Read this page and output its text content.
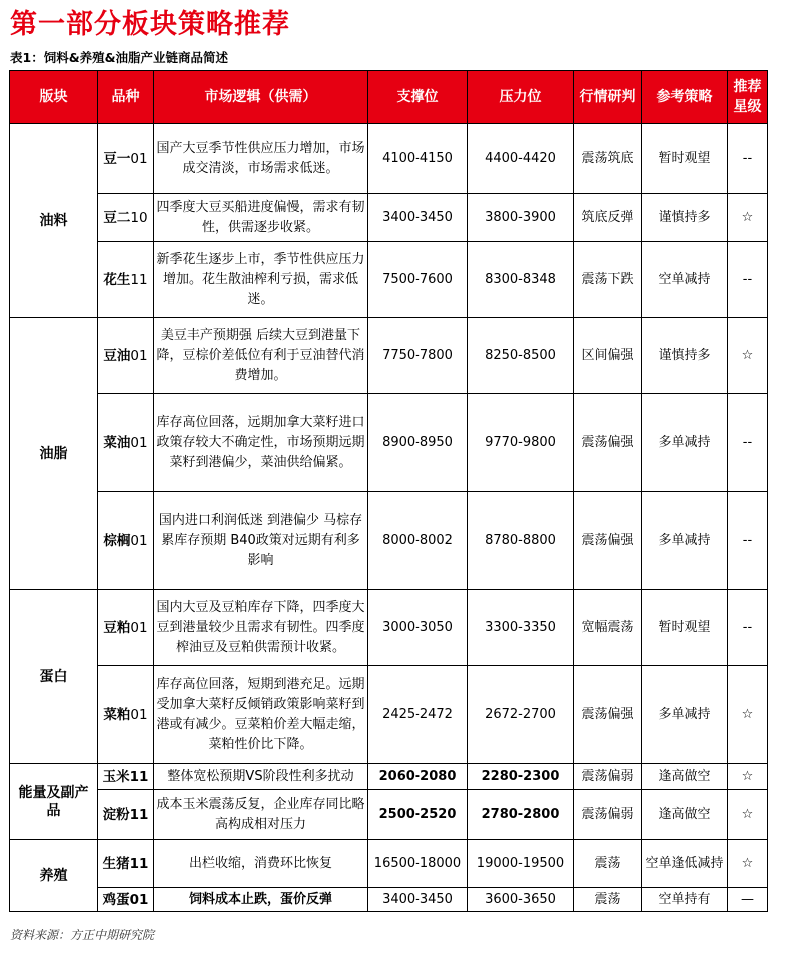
第一部分板块策略推荐
表1：饲料&养殖&油脂产业链商品简述
版块	品种	市场逻辑（供需）	支撑位	压力位	行情研判	参考策略	推荐星级
油料	豆一01	国产大豆季节性供应压力增加，市场成交清淡，市场需求低迷。	4100-4150	4400-4420	震荡筑底	暂时观望	--
	豆二10	四季度大豆买船进度偏慢，需求有韧性，供需逐步收紧。	3400-3450	3800-3900	筑底反弹	谨慎持多	☆
	花生11	新季花生逐步上市，季节性供应压力增加。花生散油榨利亏损，需求低迷。	7500-7600	8300-8348	震荡下跌	空单减持	--
油脂	豆油01	美豆丰产预期强 后续大豆到港量下降，豆棕价差低位有利于豆油替代消费增加。	7750-7800	8250-8500	区间偏强	谨慎持多	☆
	菜油01	库存高位回落，远期加拿大菜籽进口政策存较大不确定性，市场预期远期菜籽到港偏少，菜油供给偏紧。	8900-8950	9770-9800	震荡偏强	多单减持	--
	棕榈01	国内进口利润低迷 到港偏少 马棕存累库存预期 B40政策对远期有利多影响	8000-8002	8780-8800	震荡偏强	多单减持	--
蛋白	豆粕01	国内大豆及豆粕库存下降，四季度大豆到港量较少且需求有韧性。四季度榨油豆及豆粕供需预计收紧。	3000-3050	3300-3350	宽幅震荡	暂时观望	--
	菜粕01	库存高位回落，短期到港充足。远期受加拿大菜籽反倾销政策影响菜籽到港或有减少。豆菜粕价差大幅走缩，菜粕性价比下降。	2425-2472	2672-2700	震荡偏强	多单减持	☆
能量及副产品	玉米11	整体宽松预期VS阶段性利多扰动	2060-2080	2280-2300	震荡偏弱	逢高做空	☆
	淀粉11	成本玉米震荡反复，企业库存同比略高构成相对压力	2500-2520	2780-2800	震荡偏弱	逢高做空	☆
养殖	生猪11	出栏收缩，消费环比恢复	16500-18000	19000-19500	震荡	空单逢低减持	☆
	鸡蛋01	饲料成本止跌，蛋价反弹	3400-3450	3600-3650	震荡	空单持有	—
资料来源：方正中期研究院
